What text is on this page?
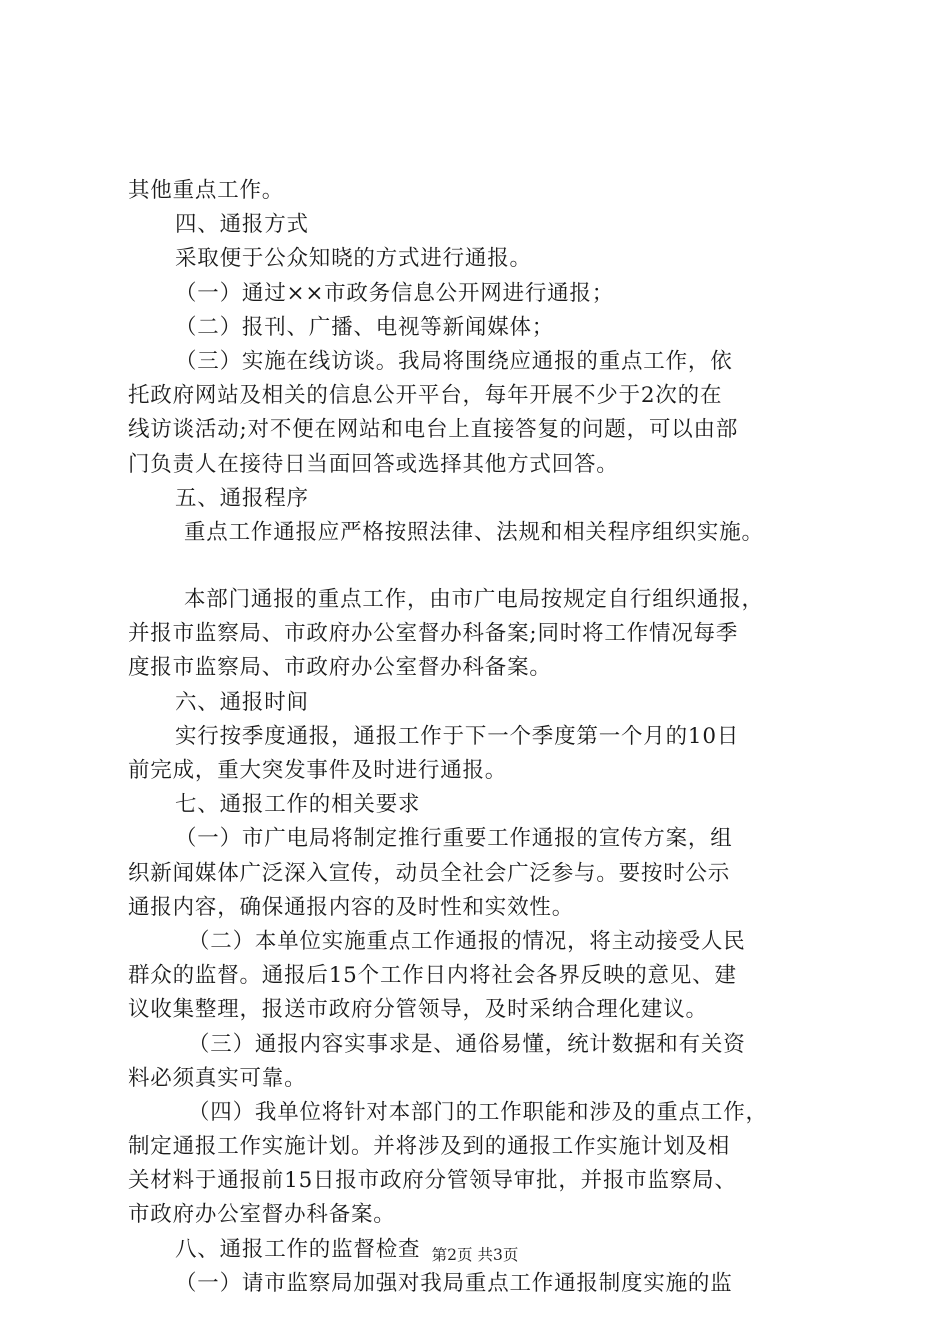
其他重点工作。
四、通报方式
采取便于公众知晓的方式进行通报。
（一）通过××市政务信息公开网进行通报；
（二）报刊、广播、电视等新闻媒体；
（三）实施在线访谈。我局将围绕应通报的重点工作，依
托政府网站及相关的信息公开平台，每年开展不少于2次的在
线访谈活动;对不便在网站和电台上直接答复的问题，可以由部
门负责人在接待日当面回答或选择其他方式回答。
五、通报程序
重点工作通报应严格按照法律、法规和相关程序组织实施。
本部门通报的重点工作，由市广电局按规定自行组织通报，
并报市监察局、市政府办公室督办科备案;同时将工作情况每季
度报市监察局、市政府办公室督办科备案。
六、通报时间
实行按季度通报，通报工作于下一个季度第一个月的10日
前完成，重大突发事件及时进行通报。
七、通报工作的相关要求
（一）市广电局将制定推行重要工作通报的宣传方案，组
织新闻媒体广泛深入宣传，动员全社会广泛参与。要按时公示
通报内容，确保通报内容的及时性和实效性。
（二）本单位实施重点工作通报的情况，将主动接受人民
群众的监督。通报后15个工作日内将社会各界反映的意见、建
议收集整理，报送市政府分管领导，及时采纳合理化建议。
（三）通报内容实事求是、通俗易懂，统计数据和有关资
料必须真实可靠。
（四）我单位将针对本部门的工作职能和涉及的重点工作，
制定通报工作实施计划。并将涉及到的通报工作实施计划及相
关材料于通报前15日报市政府分管领导审批，并报市监察局、
市政府办公室督办科备案。
八、通报工作的监督检查
（一）请市监察局加强对我局重点工作通报制度实施的监
第2页 共3页
